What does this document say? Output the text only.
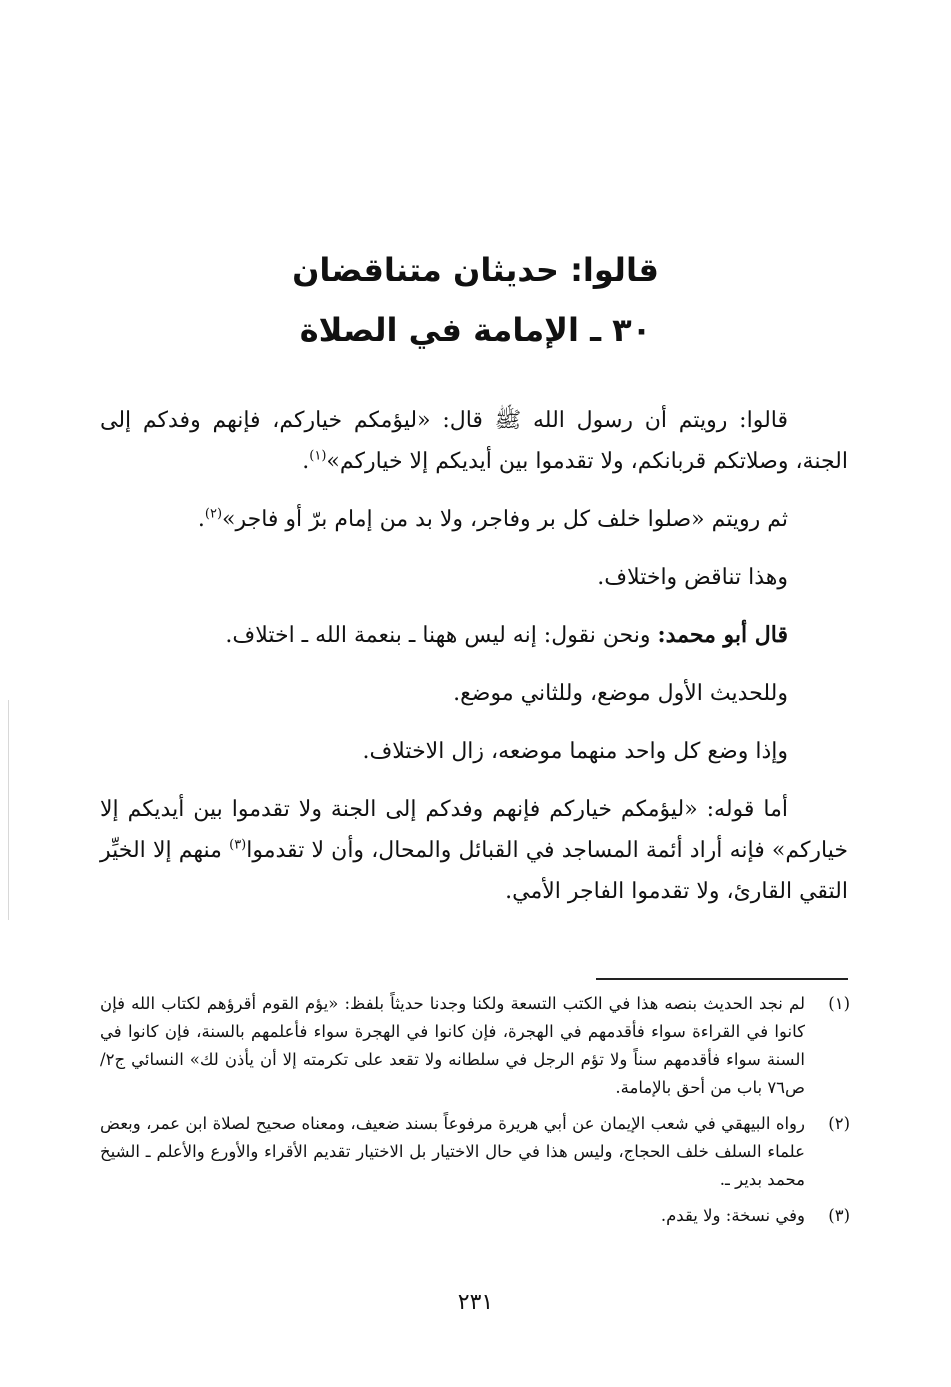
قالوا: حديثان متناقضان
٣٠ ـ الإمامة في الصلاة

قالوا: رويتم أن رسول الله ﷺ قال: «ليؤمكم خياركم، فإنهم وفدكم إلى الجنة، وصلاتكم قربانكم، ولا تقدموا بين أيديكم إلا خياركم»$^{(١)}$.

ثم رويتم «صلوا خلف كل بر وفاجر، ولا بد من إمام برّ أو فاجر»$^{(٢)}$.

وهذا تناقض واختلاف.

قال أبو محمد: ونحن نقول: إنه ليس ههنا ـ بنعمة الله ـ اختلاف.

وللحديث الأول موضع، وللثاني موضع.

وإذا وضع كل واحد منهما موضعه، زال الاختلاف.

أما قوله: «ليؤمكم خياركم فإنهم وفدكم إلى الجنة ولا تقدموا بين أيديكم إلا خياركم» فإنه أراد أئمة المساجد في القبائل والمحال، وأن لا تقدموا$^{(٣)}$ منهم إلا الخيِّر التقي القارئ، ولا تقدموا الفاجر الأمي.

(١)
لم نجد الحديث بنصه هذا في الكتب التسعة ولكنا وجدنا حديثاً بلفظ: «يؤم القوم أقرؤهم لكتاب الله فإن كانوا في القراءة سواء فأقدمهم في الهجرة، فإن كانوا في الهجرة سواء فأعلمهم بالسنة، فإن كانوا في السنة سواء فأقدمهم سناً ولا تؤم الرجل في سلطانه ولا تقعد على تكرمته إلا أن يأذن لك» النسائي ج٢/ ص٧٦ باب من أحق بالإمامة.
(٢)
رواه البيهقي في شعب الإيمان عن أبي هريرة مرفوعاً بسند ضعيف، ومعناه صحيح لصلاة ابن عمر، وبعض علماء السلف خلف الحجاج، وليس هذا في حال الاختيار بل الاختيار تقديم الأقراء والأورع والأعلم ـ الشيخ محمد بدير ـ.
(٣)
وفي نسخة: ولا يقدم.
٢٣١
